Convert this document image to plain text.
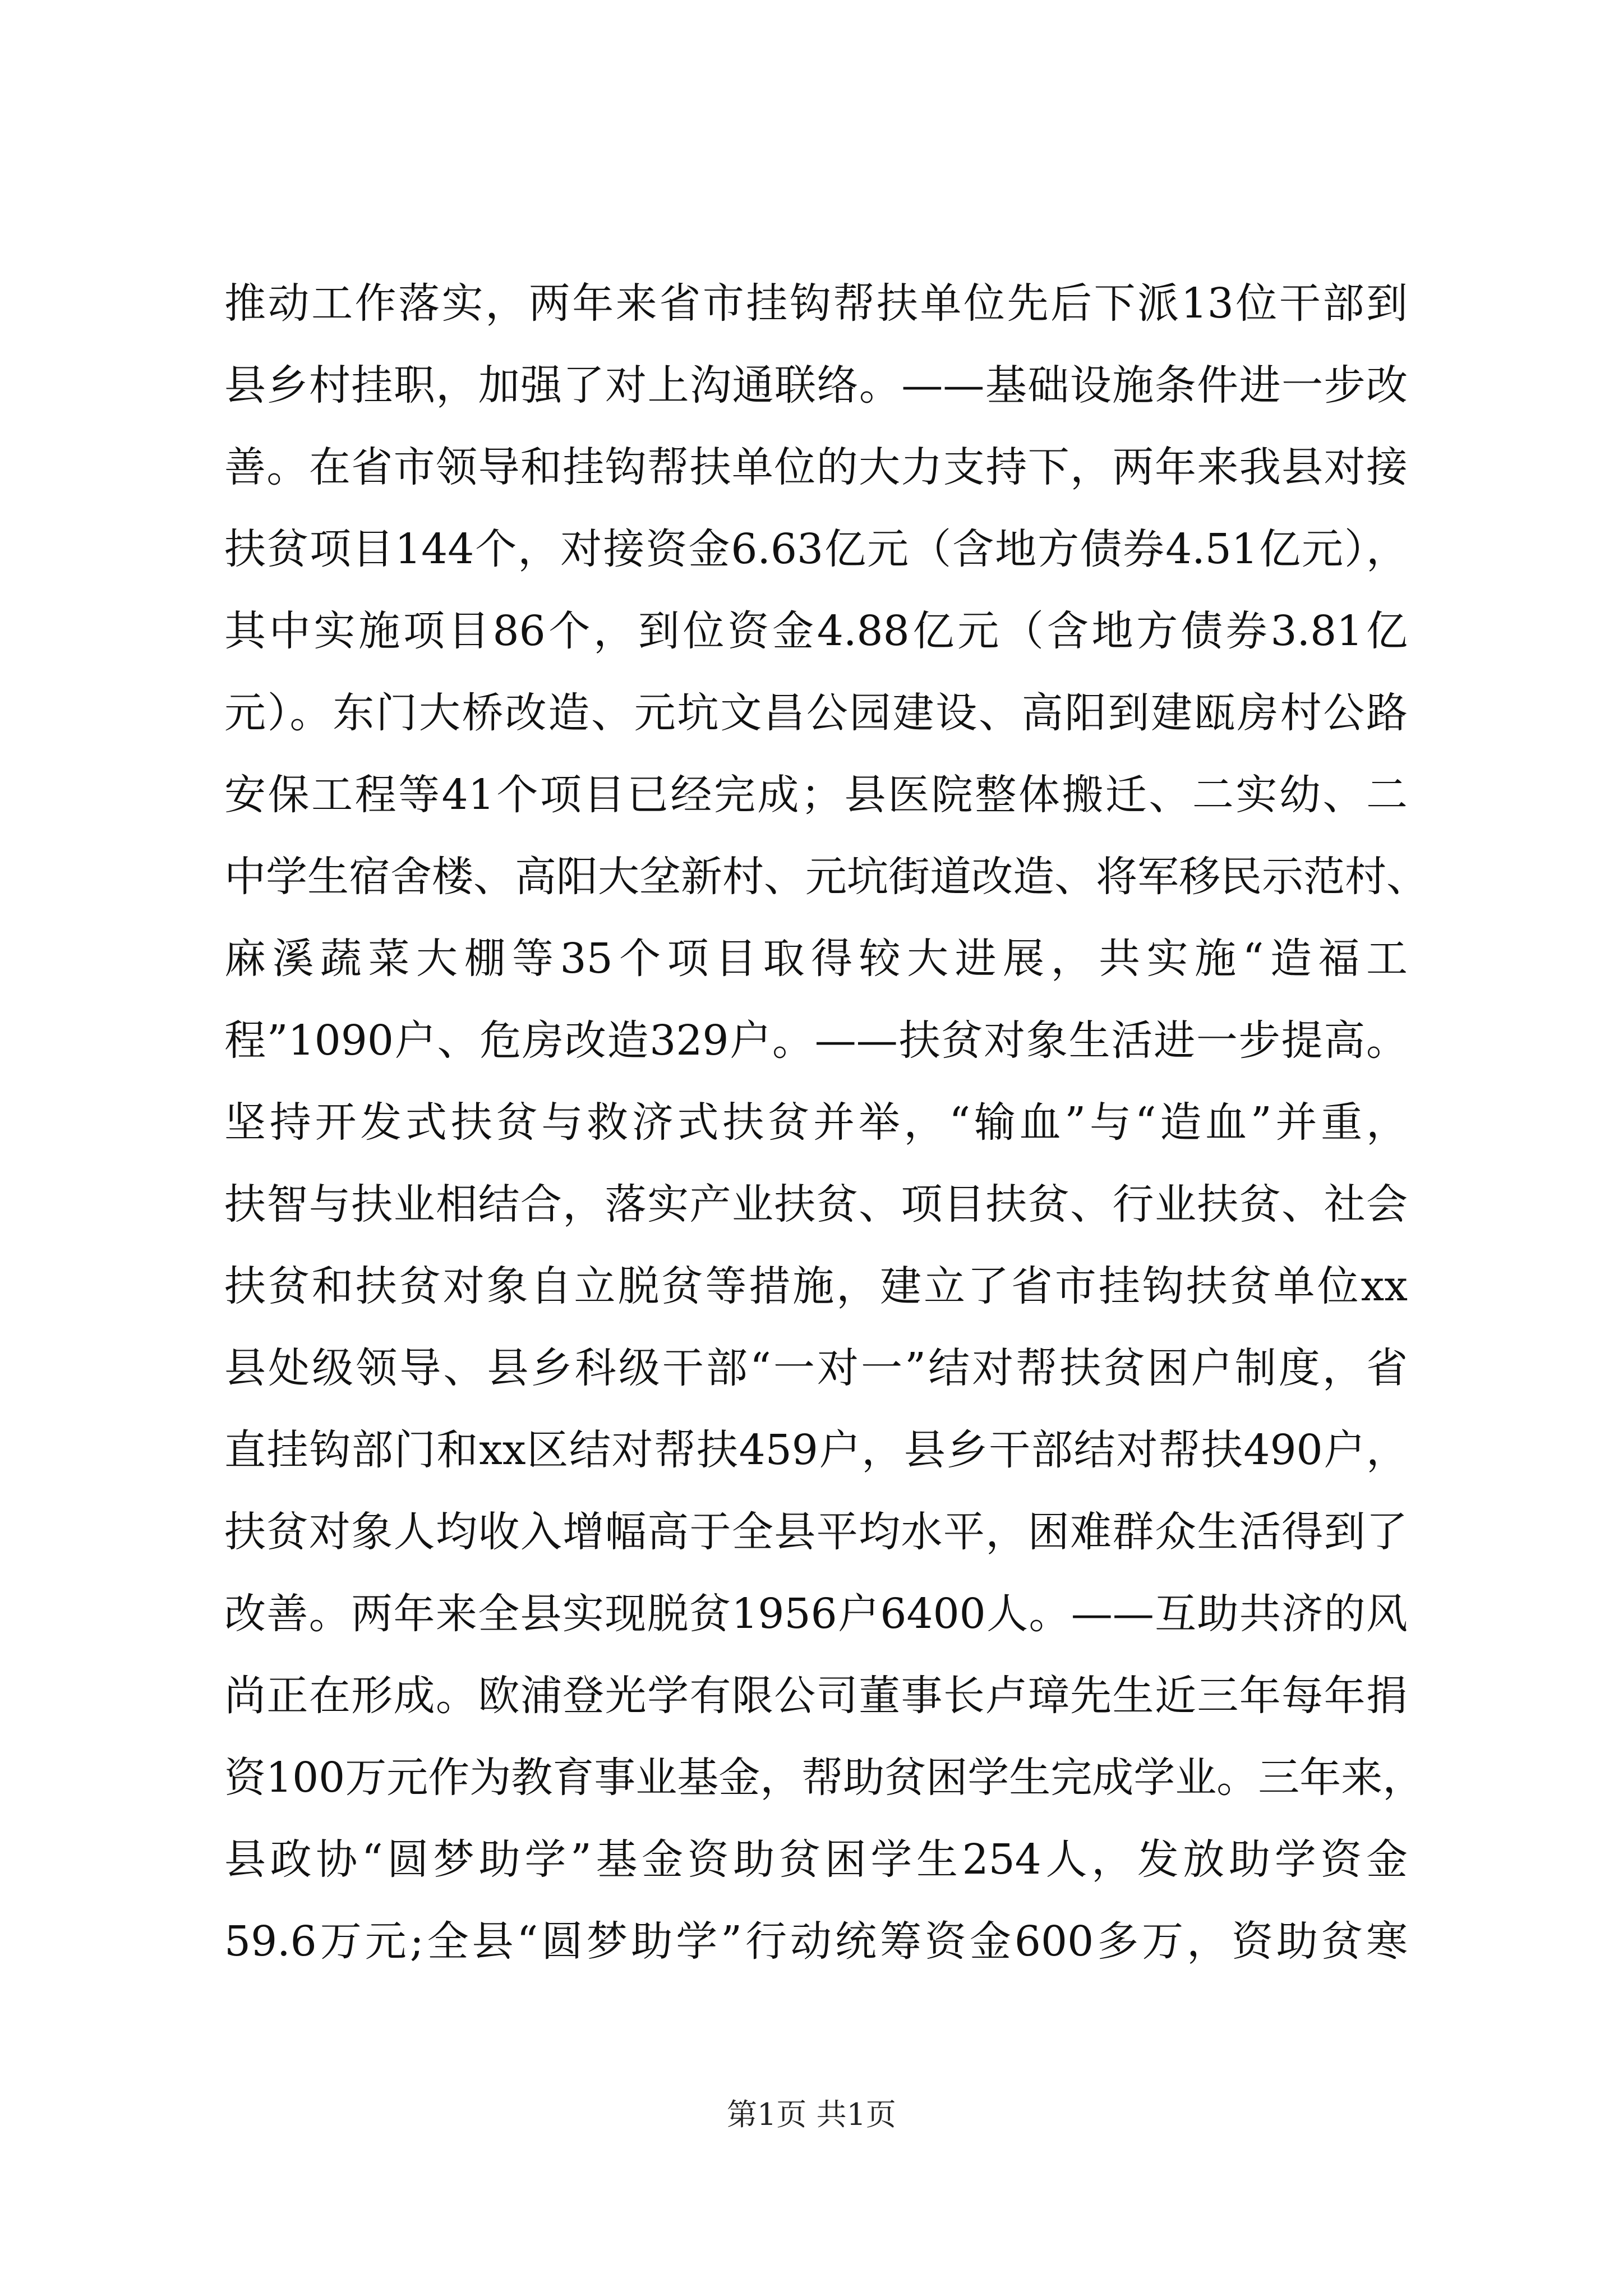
推动工作落实，两年来省市挂钩帮扶单位先后下派13位干部到
县乡村挂职，加强了对上沟通联络。——基础设施条件进一步改
善。在省市领导和挂钩帮扶单位的大力支持下，两年来我县对接
扶贫项目144个，对接资金6.63亿元（含地方债券4.51亿元），
其中实施项目86个，到位资金4.88亿元（含地方债券3.81亿
元）。东门大桥改造、元坑文昌公园建设、高阳到建瓯房村公路
安保工程等41个项目已经完成；县医院整体搬迁、二实幼、二
中学生宿舍楼、高阳大坌新村、元坑街道改造、将军移民示范村、
麻溪蔬菜大棚等35个项目取得较大进展，共实施“造福工
程”1090户、危房改造329户。——扶贫对象生活进一步提高。
坚持开发式扶贫与救济式扶贫并举，“输血”与“造血”并重，
扶智与扶业相结合，落实产业扶贫、项目扶贫、行业扶贫、社会
扶贫和扶贫对象自立脱贫等措施，建立了省市挂钩扶贫单位xx
县处级领导、县乡科级干部“一对一”结对帮扶贫困户制度，省
直挂钩部门和xx区结对帮扶459户，县乡干部结对帮扶490户，
扶贫对象人均收入增幅高于全县平均水平，困难群众生活得到了
改善。两年来全县实现脱贫1956户6400人。——互助共济的风
尚正在形成。欧浦登光学有限公司董事长卢璋先生近三年每年捐
资100万元作为教育事业基金，帮助贫困学生完成学业。三年来，
县政协“圆梦助学”基金资助贫困学生254人，发放助学资金
59.6万元;全县“圆梦助学”行动统筹资金600多万，资助贫寒
第1页 共1页
